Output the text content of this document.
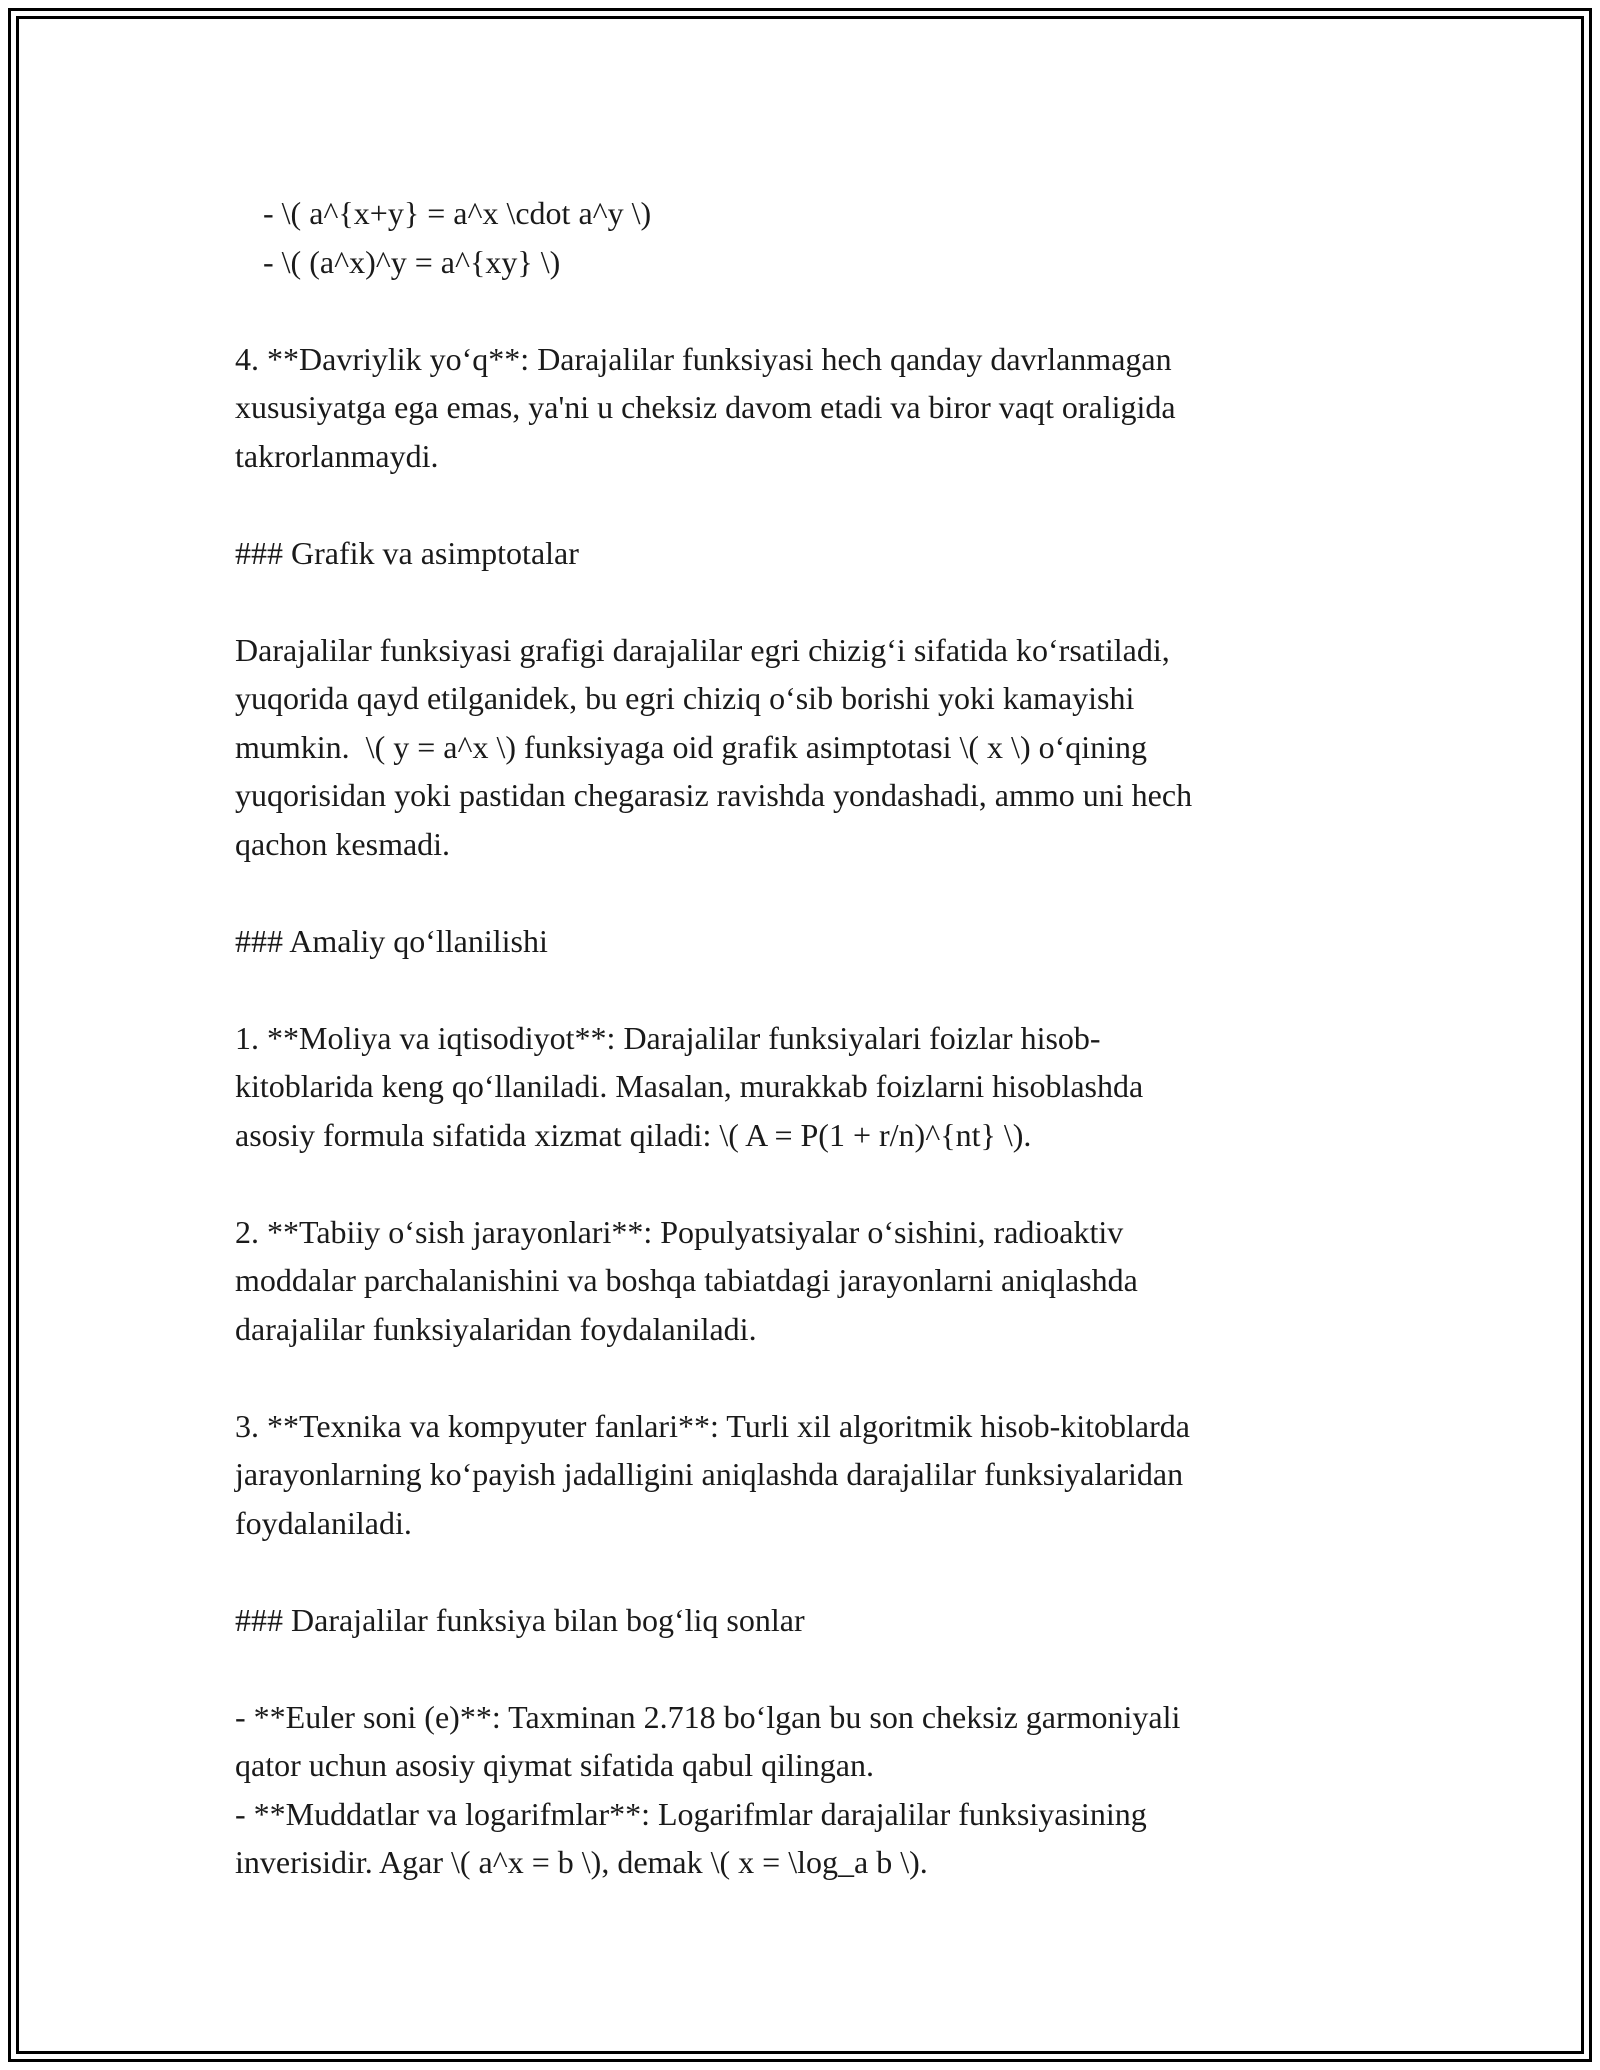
- \( a^{x+y} = a^x \cdot a^y \)
- \( (a^x)^y = a^{xy} \)
4. **Davriylik yo‘q**: Darajalilar funksiyasi hech qanday davrlanmagan
xususiyatga ega emas, ya'ni u cheksiz davom etadi va biror vaqt oraligida
takrorlanmaydi.
### Grafik va asimptotalar
Darajalilar funksiyasi grafigi darajalilar egri chizig‘i sifatida ko‘rsatiladi,
yuqorida qayd etilganidek, bu egri chiziq o‘sib borishi yoki kamayishi
mumkin.  \( y = a^x \) funksiyaga oid grafik asimptotasi \( x \) o‘qining
yuqorisidan yoki pastidan chegarasiz ravishda yondashadi, ammo uni hech
qachon kesmadi.
### Amaliy qo‘llanilishi
1. **Moliya va iqtisodiyot**: Darajalilar funksiyalari foizlar hisob-
kitoblarida keng qo‘llaniladi. Masalan, murakkab foizlarni hisoblashda
asosiy formula sifatida xizmat qiladi: \( A = P(1 + r/n)^{nt} \).
2. **Tabiiy o‘sish jarayonlari**: Populyatsiyalar o‘sishini, radioaktiv
moddalar parchalanishini va boshqa tabiatdagi jarayonlarni aniqlashda
darajalilar funksiyalaridan foydalaniladi.
3. **Texnika va kompyuter fanlari**: Turli xil algoritmik hisob-kitoblarda
jarayonlarning ko‘payish jadalligini aniqlashda darajalilar funksiyalaridan
foydalaniladi.
### Darajalilar funksiya bilan bog‘liq sonlar
- **Euler soni (e)**: Taxminan 2.718 bo‘lgan bu son cheksiz garmoniyali
qator uchun asosiy qiymat sifatida qabul qilingan.
- **Muddatlar va logarifmlar**: Logarifmlar darajalilar funksiyasining
inverisidir. Agar \( a^x = b \), demak \( x = \log_a b \).
